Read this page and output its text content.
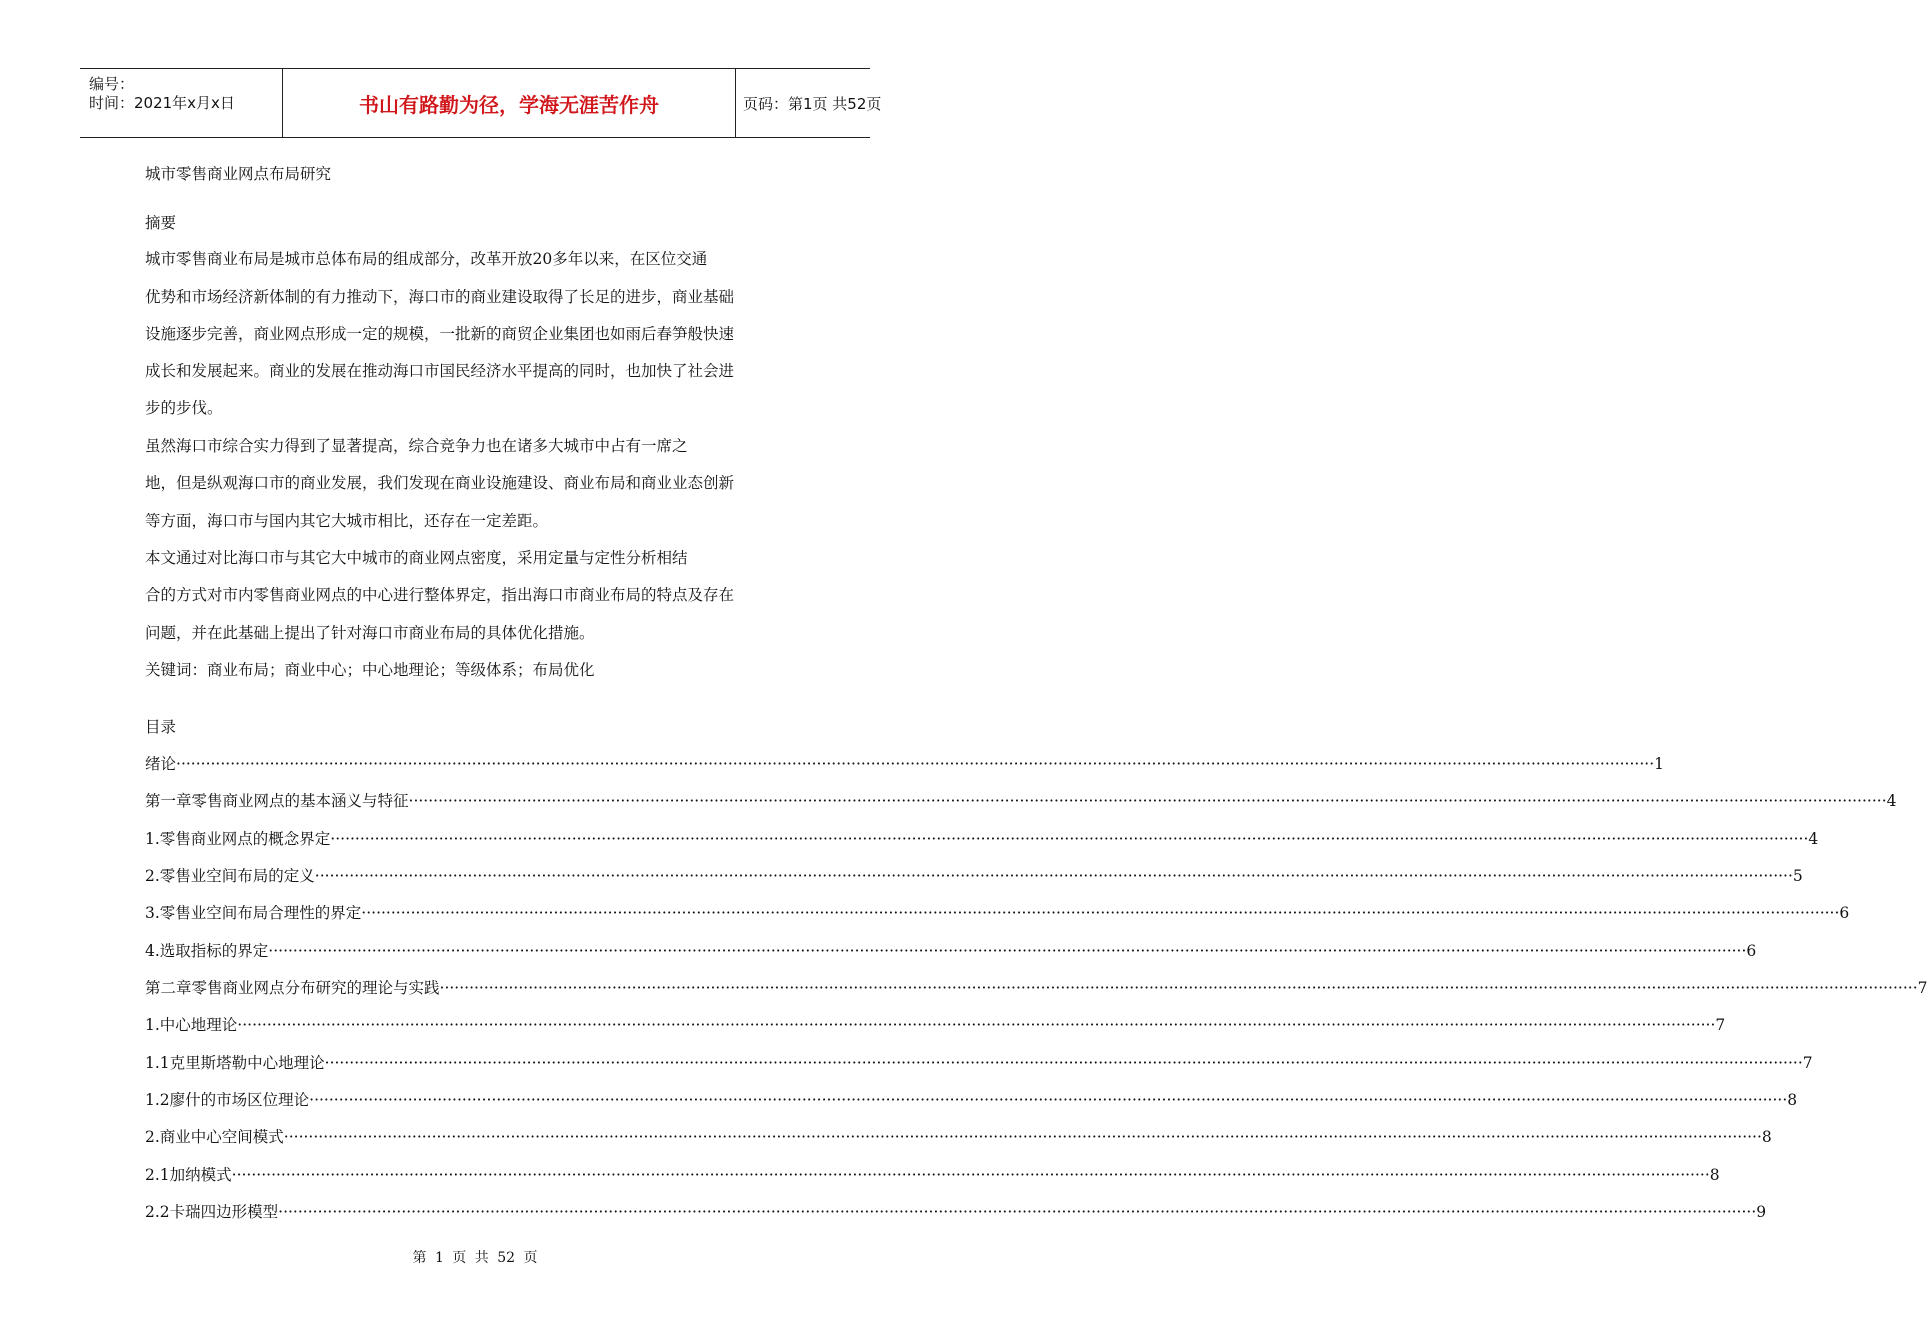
编号：
时间：2021年x月x日	书山有路勤为径，学海无涯苦作舟	页码：第1页 共52页
城市零售商业网点布局研究
摘要
城市零售商业布局是城市总体布局的组成部分，改革开放20多年以来，在区位交通
优势和市场经济新体制的有力推动下，海口市的商业建设取得了长足的进步，商业基础
设施逐步完善，商业网点形成一定的规模，一批新的商贸企业集团也如雨后春笋般快速
成长和发展起来。商业的发展在推动海口市国民经济水平提高的同时，也加快了社会进
步的步伐。
虽然海口市综合实力得到了显著提高，综合竞争力也在诸多大城市中占有一席之
地，但是纵观海口市的商业发展，我们发现在商业设施建设、商业布局和商业业态创新
等方面，海口市与国内其它大城市相比，还存在一定差距。
本文通过对比海口市与其它大中城市的商业网点密度，采用定量与定性分析相结
合的方式对市内零售商业网点的中心进行整体界定，指出海口市商业布局的特点及存在
问题，并在此基础上提出了针对海口市商业布局的具体优化措施。
关键词：商业布局；商业中心；中心地理论；等级体系；布局优化
目录
绪论 ············································································································································································································································································································ 1
第一章零售商业网点的基本涵义与特征 ············································································································································································································································································································ 4
1.零售商业网点的概念界定 ············································································································································································································································································································ 4
2.零售业空间布局的定义 ············································································································································································································································································································ 5
3.零售业空间布局合理性的界定 ············································································································································································································································································································ 6
4.选取指标的界定 ············································································································································································································································································································ 6
第二章零售商业网点分布研究的理论与实践 ············································································································································································································································································································ 7
1.中心地理论 ············································································································································································································································································································ 7
1.1克里斯塔勒中心地理论 ············································································································································································································································································································ 7
1.2廖什的市场区位理论 ············································································································································································································································································································ 8
2.商业中心空间模式 ············································································································································································································································································································ 8
2.1加纳模式 ············································································································································································································································································································ 8
2.2卡瑞四边形模型 ············································································································································································································································································································ 9
第 1 页 共 52 页
